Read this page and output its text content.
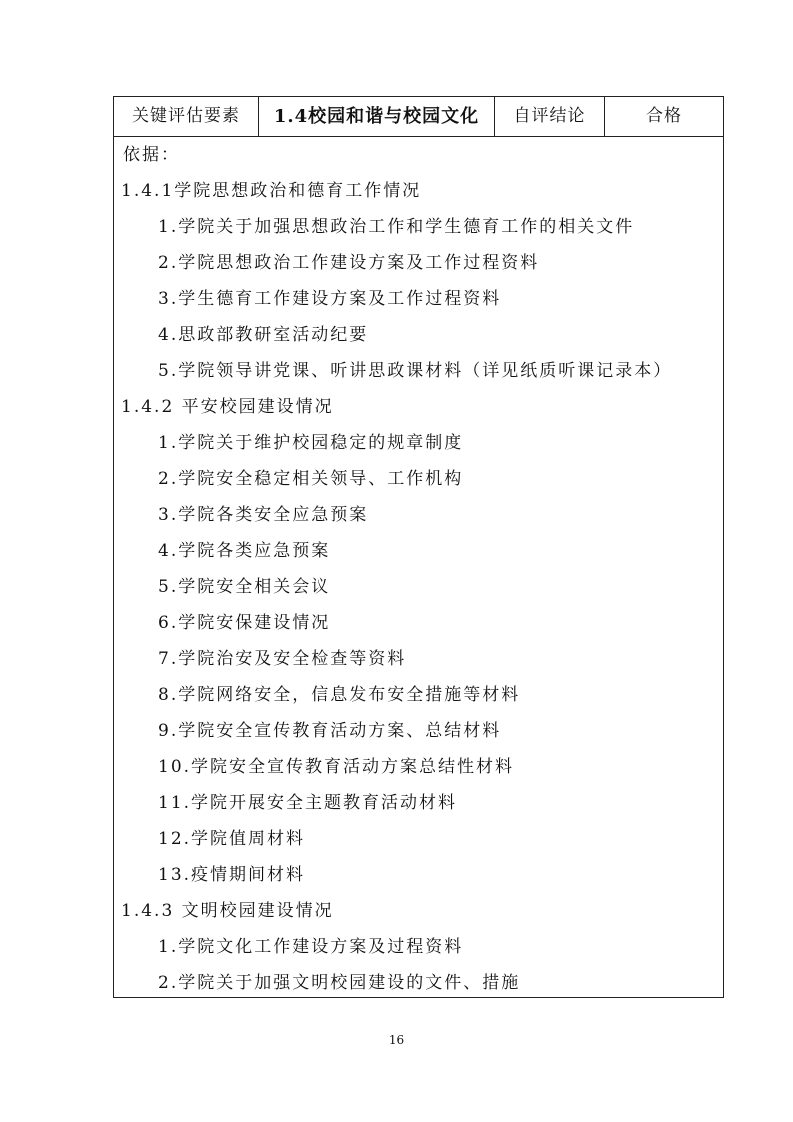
关键评估要素	1.4校园和谐与校园文化	自评结论	合格
依据：
1.4.1学院思想政治和德育工作情况
1.学院关于加强思想政治工作和学生德育工作的相关文件
2.学院思想政治工作建设方案及工作过程资料
3.学生德育工作建设方案及工作过程资料
4.思政部教研室活动纪要
5.学院领导讲党课、听讲思政课材料（详见纸质听课记录本）
1.4.2 平安校园建设情况
1.学院关于维护校园稳定的规章制度
2.学院安全稳定相关领导、工作机构
3.学院各类安全应急预案
4.学院各类应急预案
5.学院安全相关会议
6.学院安保建设情况
7.学院治安及安全检查等资料
8.学院网络安全，信息发布安全措施等材料
9.学院安全宣传教育活动方案、总结材料
10.学院安全宣传教育活动方案总结性材料
11.学院开展安全主题教育活动材料
12.学院值周材料
13.疫情期间材料
1.4.3 文明校园建设情况
1.学院文化工作建设方案及过程资料
2.学院关于加强文明校园建设的文件、措施
16
